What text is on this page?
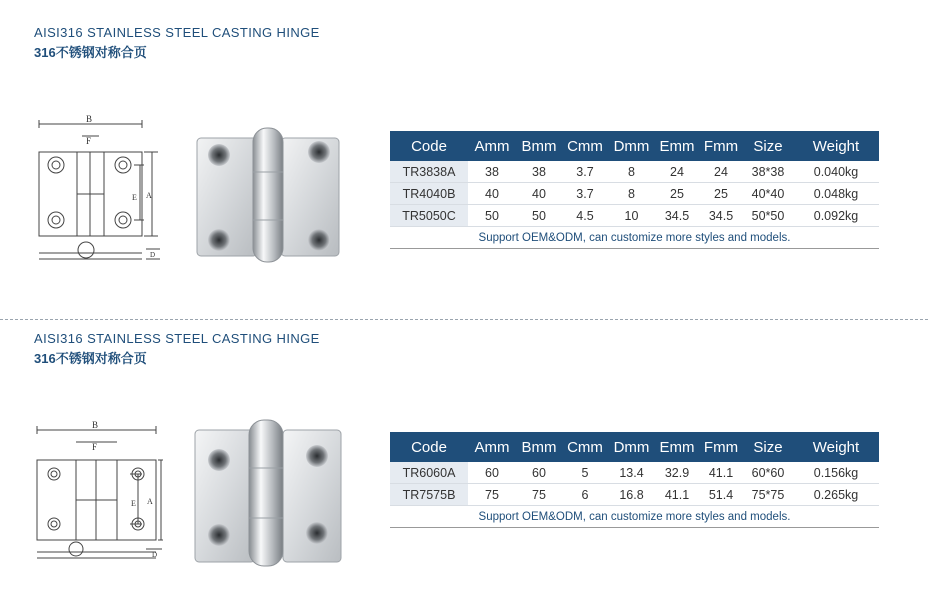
AISI316 STAINLESS STEEL CASTING HINGE
316不锈钢对称合页
B
F
E A
D
Code	Amm	Bmm	Cmm	Dmm	Emm	Fmm	Size	Weight
TR3838A	38	38	3.7	8	24	24	38*38	0.040kg
TR4040B	40	40	3.7	8	25	25	40*40	0.048kg
TR5050C	50	50	4.5	10	34.5	34.5	50*50	0.092kg
Support OEM&ODM, can customize more styles and models.								
AISI316 STAINLESS STEEL CASTING HINGE
316不锈钢对称合页
B
F
E A
D
Code	Amm	Bmm	Cmm	Dmm	Emm	Fmm	Size	Weight
TR6060A	60	60	5	13.4	32.9	41.1	60*60	0.156kg
TR7575B	75	75	6	16.8	41.1	51.4	75*75	0.265kg
Support OEM&ODM, can customize more styles and models.								
